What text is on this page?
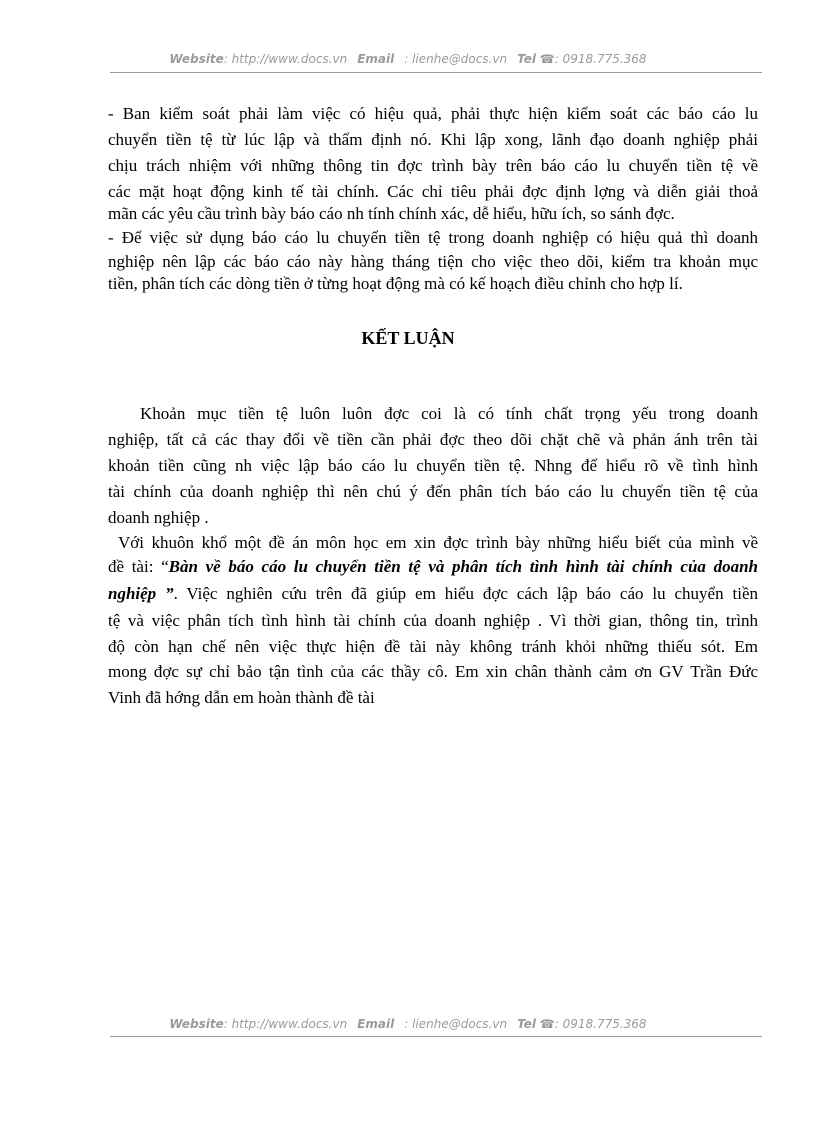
Website: http://www.docs.vn Email : lienhe@docs.vn Tel ☎: 0918.775.368
- Ban kiểm soát phải làm việc có hiệu quả, phải thực hiện kiểm soát các báo cáo lu
chuyển tiền tệ từ lúc lập và thẩm định nó. Khi lập xong, lãnh đạo doanh nghiệp phải
chịu trách nhiệm với những thông tin đợc trình bày trên báo cáo lu chuyển tiền tệ về
các mặt hoạt động kinh tế tài chính. Các chỉ tiêu phải đợc định lợng và diễn giải thoả
mãn các yêu cầu trình bày báo cáo nh tính chính xác, dễ hiểu, hữu ích, so sánh đợc.
- Để việc sử dụng báo cáo lu chuyển tiền tệ trong doanh nghiệp có hiệu quả thì doanh
nghiệp nên lập các báo cáo này hàng tháng tiện cho việc theo dõi, kiểm tra khoản mục
tiền, phân tích các dòng tiền ở từng hoạt động mà có kế hoạch điều chỉnh cho hợp lí.
KẾT LUẬN
Khoản mục tiền tệ luôn luôn đợc coi là có tính chất trọng yếu trong doanh
nghiệp, tất cả các thay đổi về tiền cần phải đợc theo dõi chặt chẽ và phản ánh trên tài
khoản tiền cũng nh việc lập báo cáo lu chuyển tiền tệ. Nhng để hiểu rõ về tình hình
tài chính của doanh nghiệp thì nên chú ý đến phân tích báo cáo lu chuyển tiền tệ của
doanh nghiệp .
Với khuôn khổ một đề án môn học em xin đợc trình bày những hiểu biết của mình về
đề tài: “Bàn về báo cáo lu chuyển tiền tệ và phân tích tình hình tài chính của doanh
nghiệp ”. Việc nghiên cứu trên đã giúp em hiểu đợc cách lập báo cáo lu chuyển tiền
tệ và việc phân tích tình hình tài chính của doanh nghiệp . Vì thời gian, thông tin, trình
độ còn hạn chế nên việc thực hiện đề tài này không tránh khỏi những thiếu sót. Em
mong đợc sự chỉ bảo tận tình của các thầy cô. Em xin chân thành cảm ơn GV Trần Đức
Vinh đã hớng dẫn em hoàn thành đề tài
Website: http://www.docs.vn Email : lienhe@docs.vn Tel ☎: 0918.775.368
